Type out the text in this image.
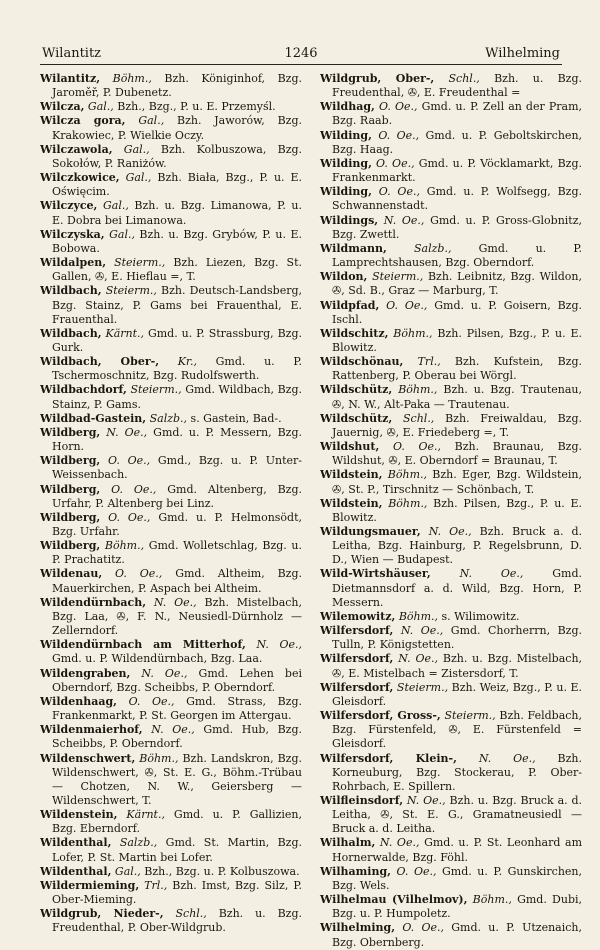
Wilantitz	1246	Wilhelming
Wilantitz, Böhm., Bzh. Königinhof, Bzg. Jaroměř, P. Dubenetz.
Wilcza, Gal., Bzh., Bzg., P. u. E. Przemyśl.
Wilcza gora, Gal., Bzh. Jaworów, Bzg. Krakowiec, P. Wielkie Oczy.
Wilczawola, Gal., Bzh. Kolbuszowa, Bzg. Sokołów, P. Raniżów.
Wilczkowice, Gal., Bzh. Biała, Bzg., P. u. E. Oświęcim.
Wilczyce, Gal., Bzh. u. Bzg. Limanowa, P. u. E. Dobra bei Limanowa.
Wilczyska, Gal., Bzh. u. Bzg. Grybów, P. u. E. Bobowa.
Wildalpen, Steierm., Bzh. Liezen, Bzg. St. Gallen, ✇, E. Hieflau =, T.
Wildbach, Steierm., Bzh. Deutsch-Landsberg, Bzg. Stainz, P. Gams bei Frauenthal, E. Frauenthal.
Wildbach, Kärnt., Gmd. u. P. Strassburg, Bzg. Gurk.
Wildbach, Ober-, Kr., Gmd. u. P. Tschermoschnitz, Bzg. Rudolfswerth.
Wildbachdorf, Steierm., Gmd. Wildbach, Bzg. Stainz, P. Gams.
Wildbad-Gastein, Salzb., s. Gastein, Bad-.
Wildberg, N. Oe., Gmd. u. P. Messern, Bzg. Horn.
Wildberg, O. Oe., Gmd., Bzg. u. P. Unter-Weissenbach.
Wildberg, O. Oe., Gmd. Altenberg, Bzg. Urfahr, P. Altenberg bei Linz.
Wildberg, O. Oe., Gmd. u. P. Helmonsödt, Bzg. Urfahr.
Wildberg, Böhm., Gmd. Wolletschlag, Bzg. u. P. Prachatitz.
Wildenau, O. Oe., Gmd. Altheim, Bzg. Mauerkirchen, P. Aspach bei Altheim.
Wildendürnbach, N. Oe., Bzh. Mistelbach, Bzg. Laa, ✇, F. N., Neusiedl-Dürnholz — Zellerndorf.
Wildendürnbach am Mitterhof, N. Oe., Gmd. u. P. Wildendürnbach, Bzg. Laa.
Wildengraben, N. Oe., Gmd. Lehen bei Oberndorf, Bzg. Scheibbs, P. Oberndorf.
Wildenhaag, O. Oe., Gmd. Strass, Bzg. Frankenmarkt, P. St. Georgen im Attergau.
Wildenmaierhof, N. Oe., Gmd. Hub, Bzg. Scheibbs, P. Oberndorf.
Wildenschwert, Böhm., Bzh. Landskron, Bzg. Wildenschwert, ✇, St. E. G., Böhm.-Trübau — Chotzen, N. W., Geiersberg — Wildenschwert, T.
Wildenstein, Kärnt., Gmd. u. P. Gallizien, Bzg. Eberndorf.
Wildenthal, Salzb., Gmd. St. Martin, Bzg. Lofer, P. St. Martin bei Lofer.
Wildenthal, Gal., Bzh., Bzg. u. P. Kolbuszowa.
Wildermieming, Trl., Bzh. Imst, Bzg. Silz, P. Ober-Mieming.
Wildgrub, Nieder-, Schl., Bzh. u. Bzg. Freudenthal, P. Ober-Wildgrub.
Wildgrub, Ober-, Schl., Bzh. u. Bzg. Freudenthal, ✇, E. Freudenthal =
Wildhag, O. Oe., Gmd. u. P. Zell an der Pram, Bzg. Raab.
Wilding, O. Oe., Gmd. u. P. Geboltskirchen, Bzg. Haag.
Wilding, O. Oe., Gmd. u. P. Vöcklamarkt, Bzg. Frankenmarkt.
Wilding, O. Oe., Gmd. u. P. Wolfsegg, Bzg. Schwannenstadt.
Wildings, N. Oe., Gmd. u. P. Gross-Globnitz, Bzg. Zwettl.
Wildmann, Salzb., Gmd. u. P. Lamprechtshausen, Bzg. Oberndorf.
Wildon, Steierm., Bzh. Leibnitz, Bzg. Wildon, ✇, Sd. B., Graz — Marburg, T.
Wildpfad, O. Oe., Gmd. u. P. Goisern, Bzg. Ischl.
Wildschitz, Böhm., Bzh. Pilsen, Bzg., P. u. E. Blowitz.
Wildschönau, Trl., Bzh. Kufstein, Bzg. Rattenberg, P. Oberau bei Wörgl.
Wildschütz, Böhm., Bzh. u. Bzg. Trautenau, ✇, N. W., Alt-Paka — Trautenau.
Wildschütz, Schl., Bzh. Freiwaldau, Bzg. Jauernig, ✇, E. Friedeberg =, T.
Wildshut, O. Oe., Bzh. Braunau, Bzg. Wildshut, ✇, E. Oberndorf = Braunau, T.
Wildstein, Böhm., Bzh. Eger, Bzg. Wildstein, ✇, St. P., Tirschnitz — Schönbach, T.
Wildstein, Böhm., Bzh. Pilsen, Bzg., P. u. E. Blowitz.
Wildungsmauer, N. Oe., Bzh. Bruck a. d. Leitha, Bzg. Hainburg, P. Regelsbrunn, D. D., Wien — Budapest.
Wild-Wirtshäuser,	N. Oe.,	Gmd. Dietmannsdorf a. d. Wild, Bzg. Horn, P. Messern.
Wilemowitz, Böhm., s. Wilimowitz.
Wilfersdorf, N. Oe., Gmd. Chorherrn, Bzg. Tulln, P. Königstetten.
Wilfersdorf, N. Oe., Bzh. u. Bzg. Mistelbach, ✇, E. Mistelbach = Zistersdorf, T.
Wilfersdorf, Steierm., Bzh. Weiz, Bzg., P. u. E. Gleisdorf.
Wilfersdorf, Gross-, Steierm., Bzh. Feldbach, Bzg. Fürstenfeld, ✇, E. Fürstenfeld = Gleisdorf.
Wilfersdorf, Klein-, N. Oe., Bzh. Korneuburg, Bzg. Stockerau, P. Ober-Rohrbach, E. Spillern.
Wilfleinsdorf, N. Oe., Bzh. u. Bzg. Bruck a. d. Leitha, ✇, St. E. G., Gramatneusiedl — Bruck a. d. Leitha.
Wilhalm, N. Oe., Gmd. u. P. St. Leonhard am Hornerwalde, Bzg. Föhl.
Wilhaming, O. Oe., Gmd. u. P. Gunskirchen, Bzg. Wels.
Wilhelmau (Vilhelmov), Böhm., Gmd. Dubi, Bzg. u. P. Humpoletz.
Wilhelming, O. Oe., Gmd. u. P. Utzenaich, Bzg. Obernberg.
